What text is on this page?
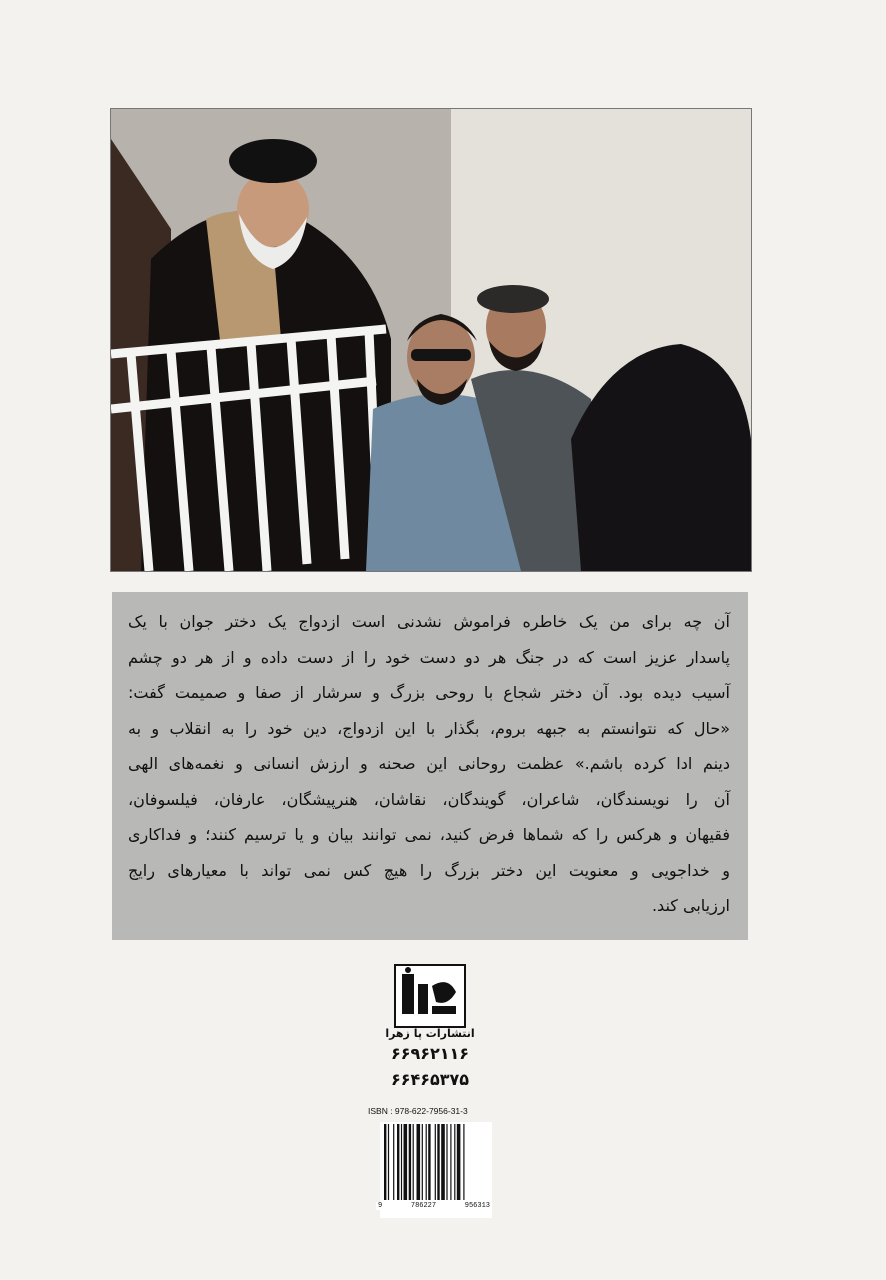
آن چه برای من یک خاطره فراموش نشدنی است ازدواج یک دختر جوان با یک
پاسدار عزیز است که در جنگ هر دو دست خود را از دست داده و از هر دو چشم
آسیب دیده بود. آن دختر شجاع با روحی بزرگ و سرشار از صفا و صمیمت گفت:
«حال که نتوانستم به جبهه بروم، بگذار با این ازدواج، دین خود را به انقلاب و به
دینم ادا کرده باشم.» عظمت روحانی این صحنه و ارزش انسانی و نغمه‌های الهی
آن را نویسندگان، شاعران، گویندگان، نقاشان، هنرپیشگان، عارفان، فیلسوفان،
فقیهان و هرکس را که شماها فرض کنید، نمی توانند بیان و یا ترسیم کنند؛ و فداکاری
و خداجویی و معنویت این دختر بزرگ را هیچ کس نمی تواند با معیارهای رایج
ارزیابی کند.
انتشارات پا زهرا
۶۶۹۶۲۱۱۶
۶۶۴۶۵۳۷۵
ISBN : 978-622-7956-31-3
9	786227	956313
